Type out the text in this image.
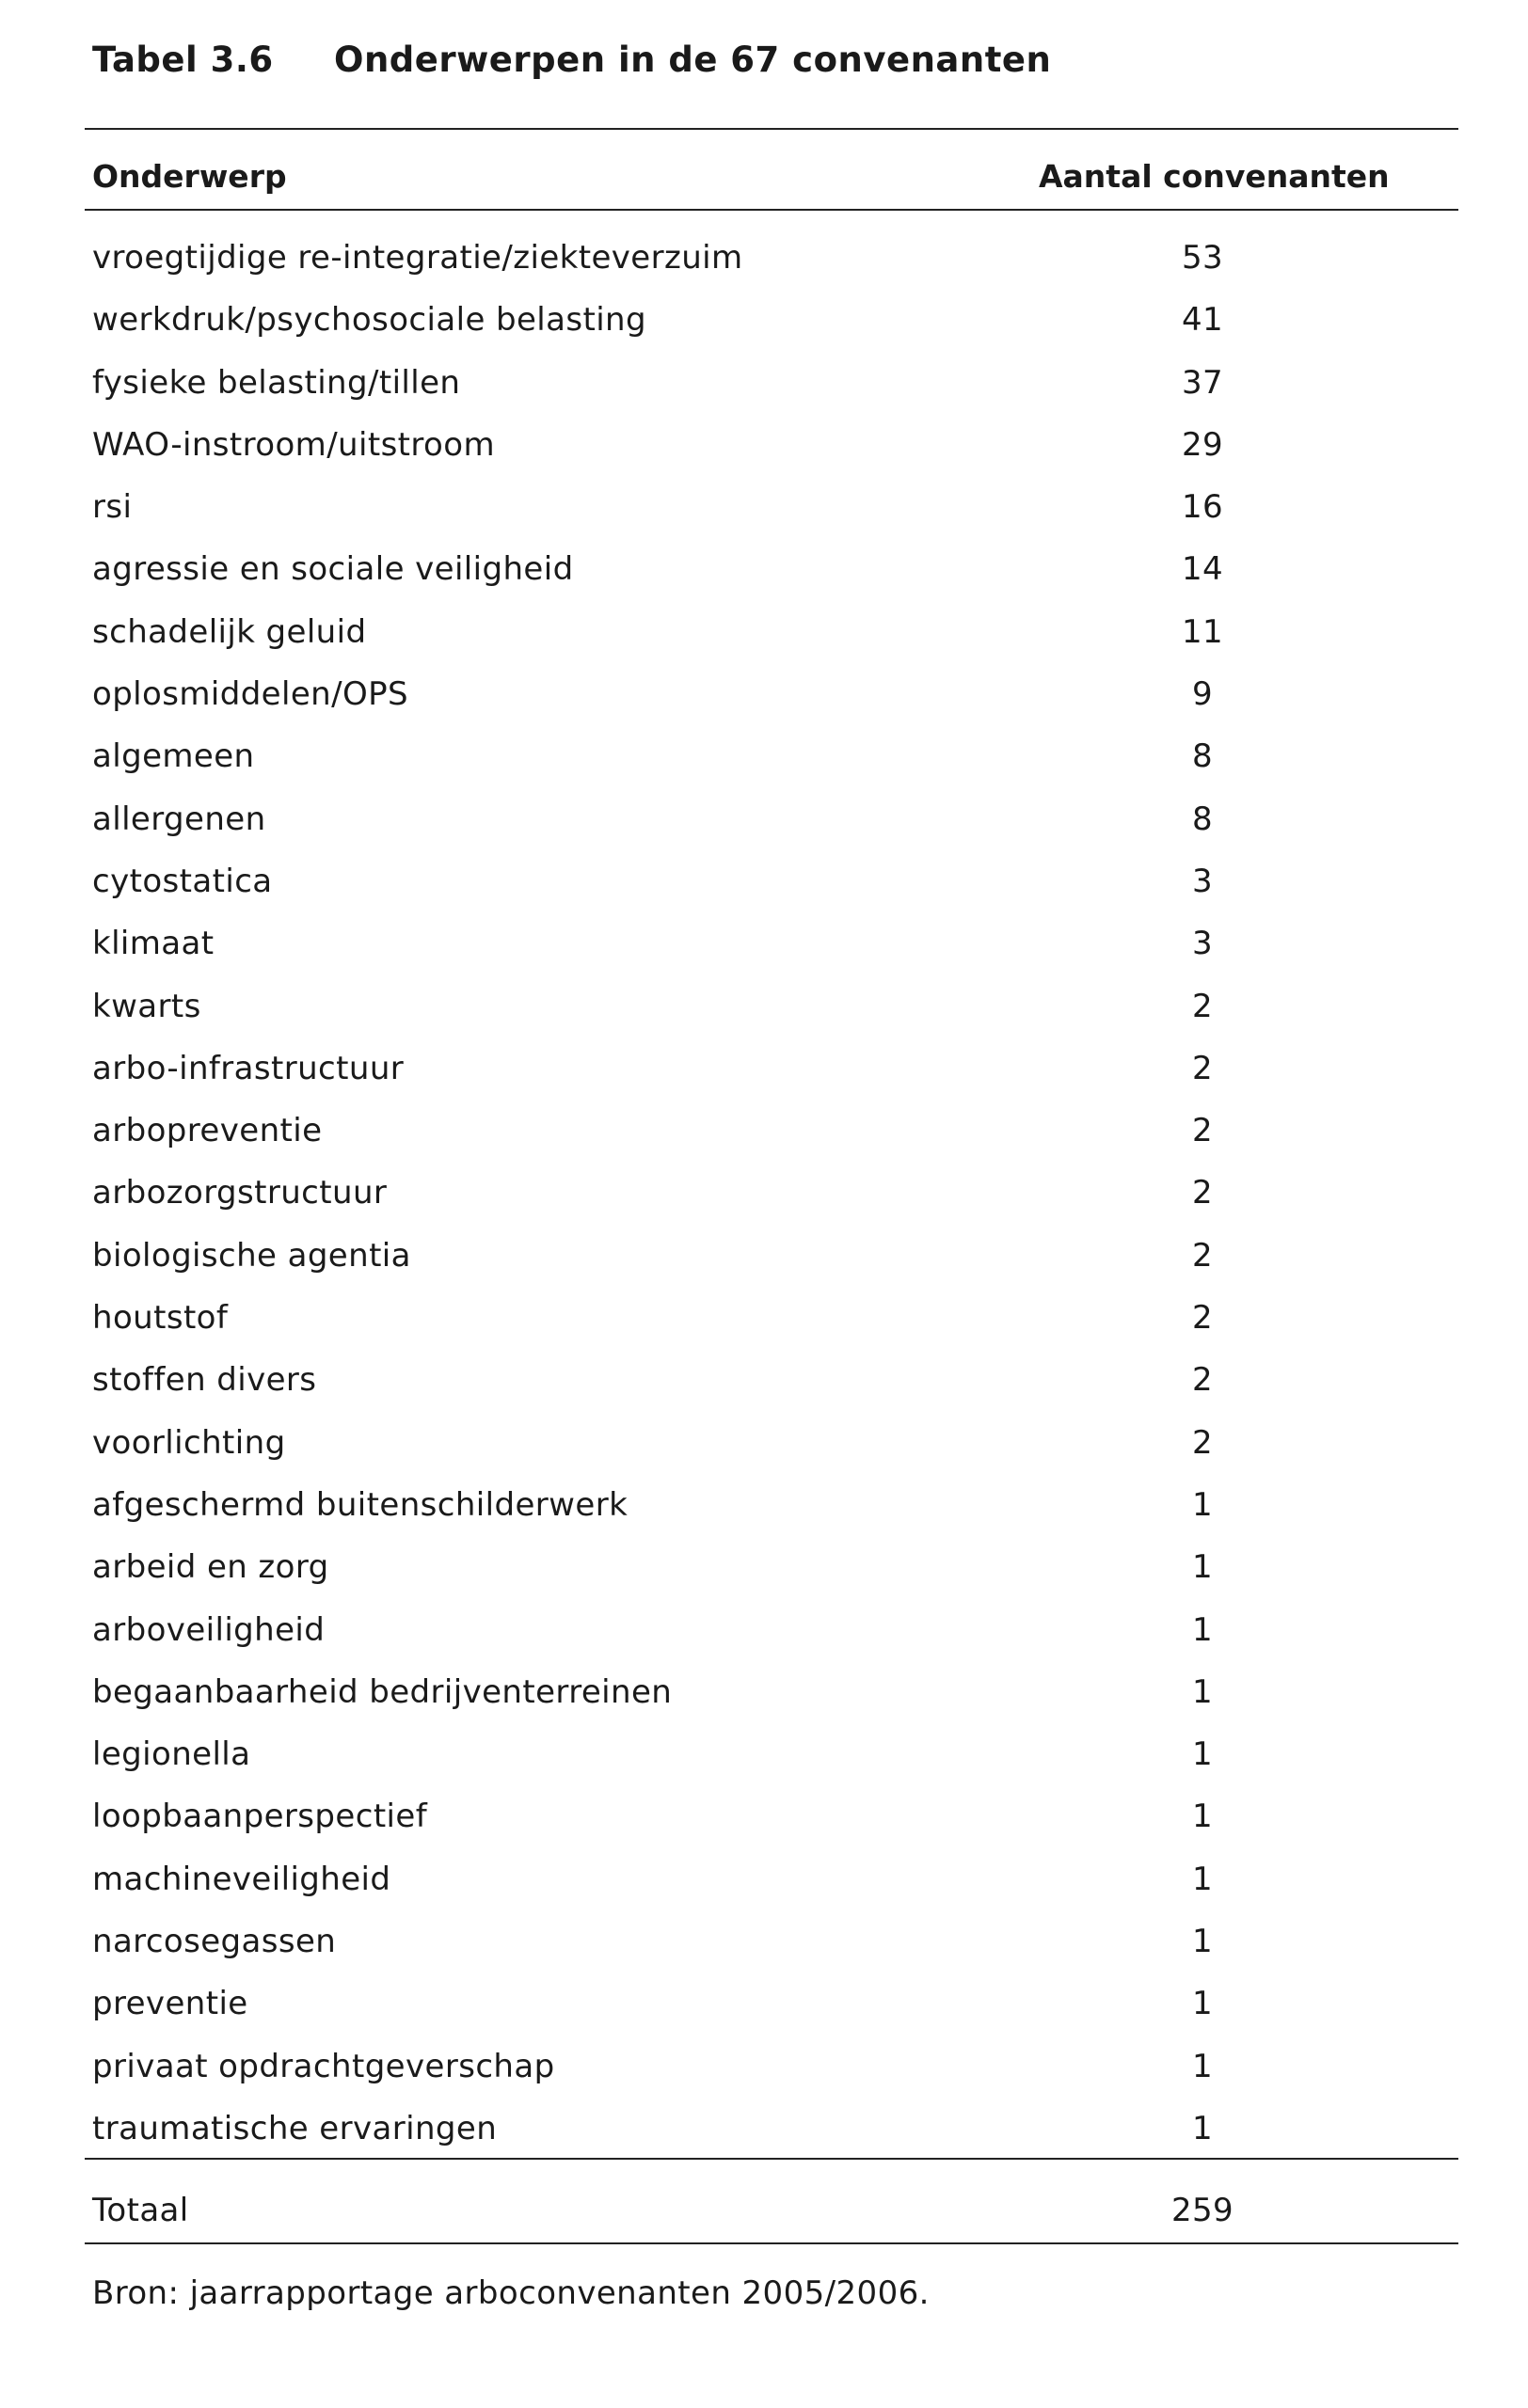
Tabel 3.6 Onderwerpen in de 67 convenanten
Onderwerp	Aantal convenanten
vroegtijdige re-integratie/ziekteverzuim	53
werkdruk/psychosociale belasting	41
fysieke belasting/tillen	37
WAO-instroom/uitstroom	29
rsi	16
agressie en sociale veiligheid	14
schadelijk geluid	11
oplosmiddelen/OPS	9
algemeen	8
allergenen	8
cytostatica	3
klimaat	3
kwarts	2
arbo-infrastructuur	2
arbopreventie	2
arbozorgstructuur	2
biologische agentia	2
houtstof	2
stoffen divers	2
voorlichting	2
afgeschermd buitenschilderwerk	1
arbeid en zorg	1
arboveiligheid	1
begaanbaarheid bedrijventerreinen	1
legionella	1
loopbaanperspectief	1
machineveiligheid	1
narcosegassen	1
preventie	1
privaat opdrachtgeverschap	1
traumatische ervaringen	1
Totaal	259
Bron: jaarrapportage arboconvenanten 2005/2006.
